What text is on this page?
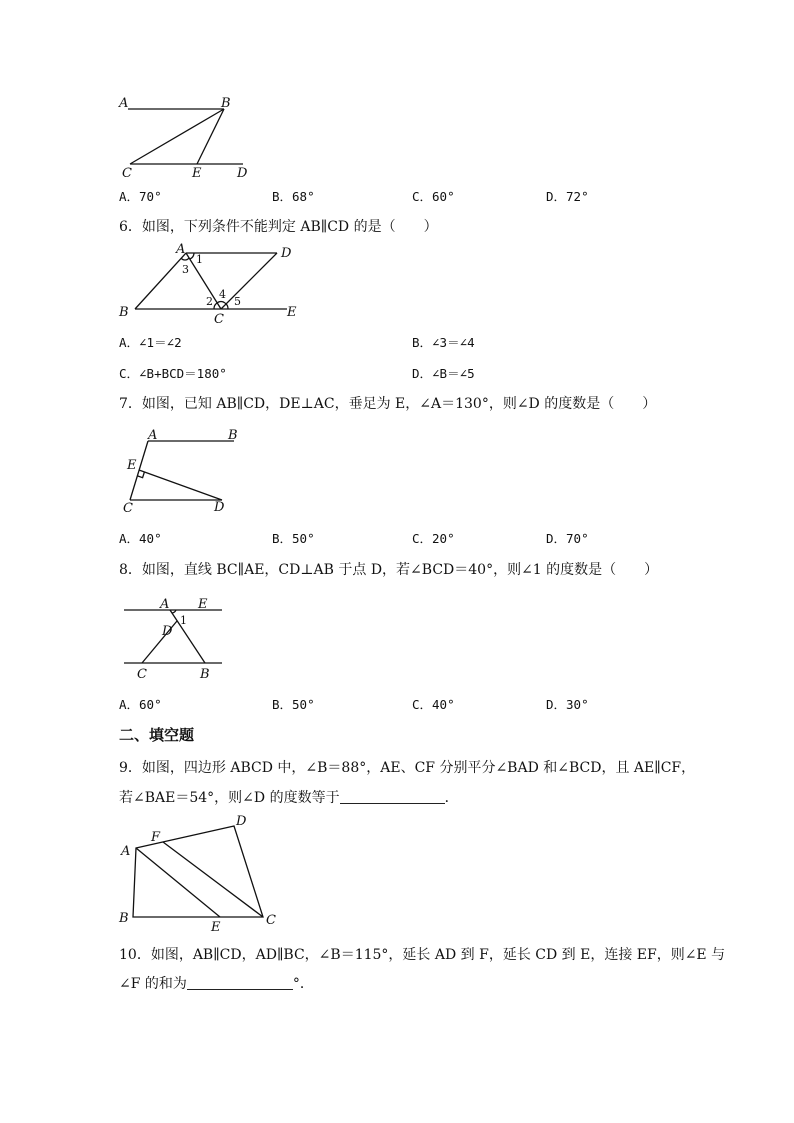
A	B
C	E	D
A．70°	B．68°	C．60°	D．72°
6．如图，下列条件不能判定 AB∥CD 的是（　　）
A	D
B	C	E
1
3
2
4
5
A．∠1＝∠2	B．∠3＝∠4
C．∠B+BCD＝180°	D．∠B＝∠5
7．如图，已知 AB∥CD，DE⊥AC，垂足为 E，∠A＝130°，则∠D 的度数是（　　）
A	B
E
C	D
A．40°	B．50°	C．20°	D．70°
8．如图，直线 BC∥AE，CD⊥AB 于点 D，若∠BCD＝40°，则∠1 的度数是（　　）
A E
1
D
C	B
A．60°	B．50°	C．40°	D．30°
二、填空题
9．如图，四边形 ABCD 中，∠B＝88°，AE、CF 分别平分∠BAD 和∠BCD，且 AE∥CF，
若∠BAE＝54°，则∠D 的度数等于	．
F
D
A
B
E	C
10．如图，AB∥CD，AD∥BC，∠B＝115°，延长 AD 到 F，延长 CD 到 E，连接 EF，则∠E 与
∠F 的和为	°．
